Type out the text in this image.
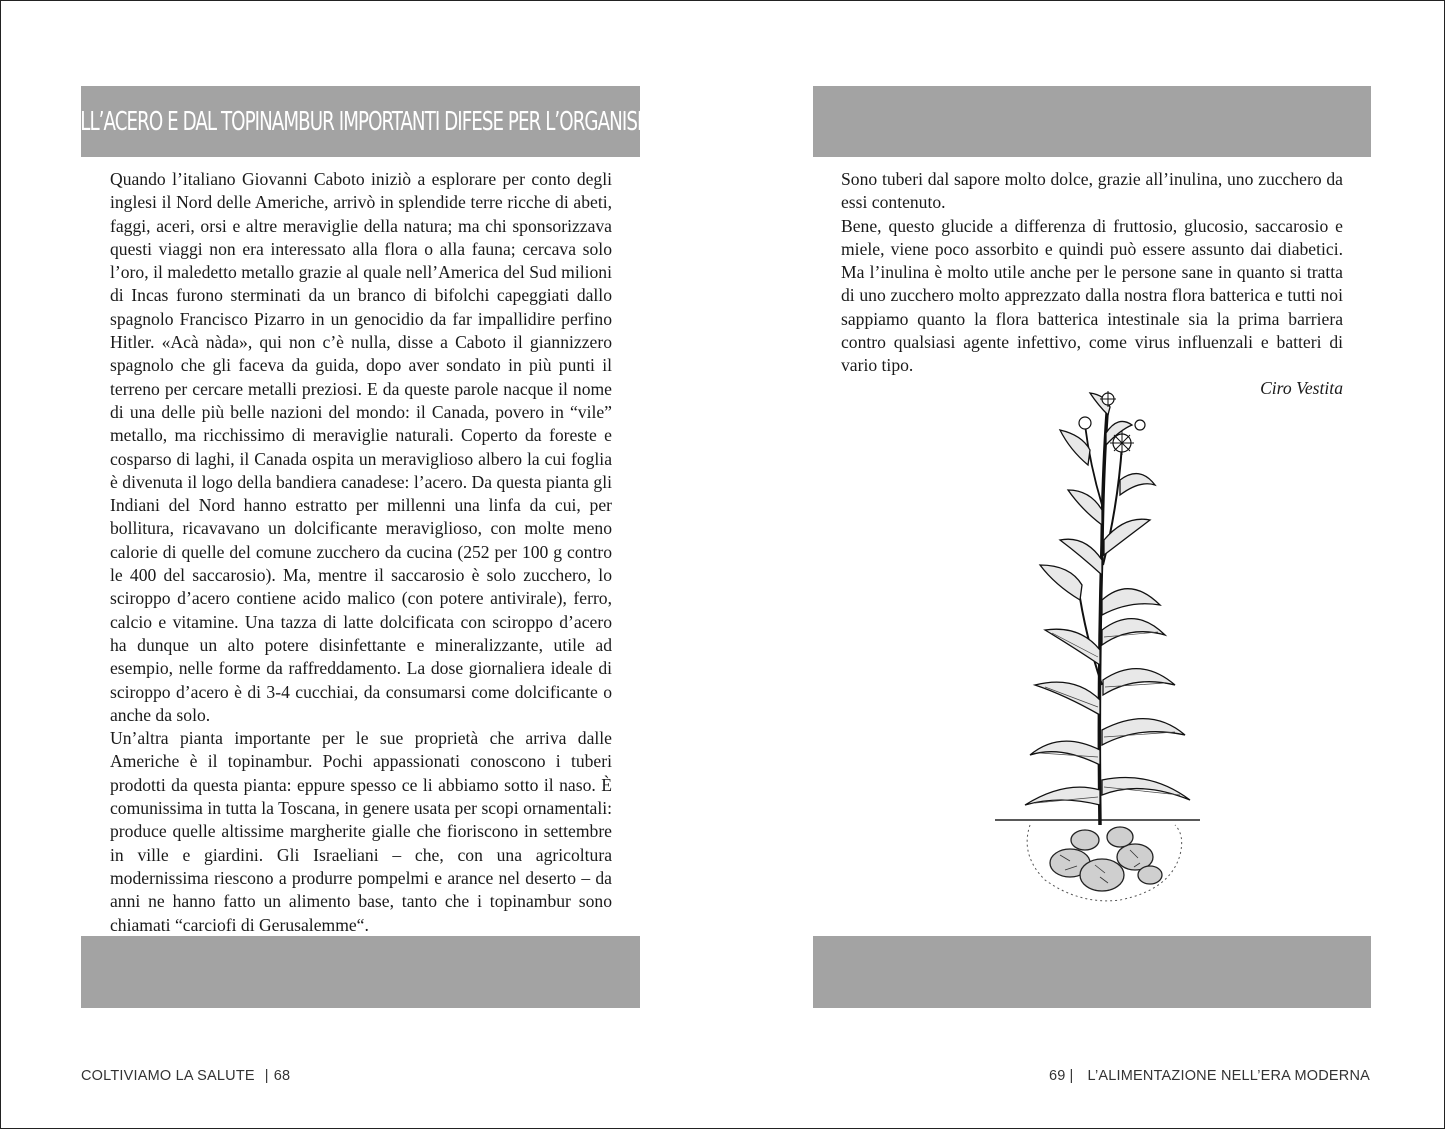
DALL’ACERO E DAL TOPINAMBUR IMPORTANTI DIFESE PER L’ORGANISMO

Quando l’italiano Giovanni Caboto iniziò a esplorare per conto degli inglesi il Nord delle Americhe, arrivò in splendide terre ricche di abeti, faggi, aceri, orsi e altre meraviglie della natura; ma chi sponsorizzava questi viaggi non era interessato alla flora o alla fauna; cercava solo l’oro, il maledetto metallo grazie al quale nell’America del Sud milioni di Incas furono sterminati da un branco di bifolchi capeggiati dallo spagnolo Francisco Pizarro in un genocidio da far impallidire perfino Hitler. «Acà nàda», qui non c’è nulla, disse a Caboto il giannizzero spagnolo che gli faceva da guida, dopo aver sondato in più punti il terreno per cercare metalli preziosi. E da queste parole nacque il nome di una delle più belle nazioni del mondo: il Canada, povero in “vile” metallo, ma ricchissimo di meraviglie naturali. Coperto da foreste e cosparso di laghi, il Canada ospita un meraviglioso albero la cui foglia è divenuta il logo della bandiera canadese: l’acero. Da questa pianta gli Indiani del Nord hanno estratto per millenni una linfa da cui, per bollitura, ricavavano un dolcificante meraviglioso, con molte meno calorie di quelle del comune zucchero da cucina (252 per 100 g contro le 400 del saccarosio). Ma, mentre il saccarosio è solo zucchero, lo sciroppo d’acero contiene acido malico (con potere antivirale), ferro, calcio e vitamine. Una tazza di latte dolcificata con sciroppo d’acero ha dunque un alto potere disinfettante e mineralizzante, utile ad esempio, nelle forme da raffreddamento. La dose giornaliera ideale di sciroppo d’acero è di 3-4 cucchiai, da consumarsi come dolcificante o anche da solo.

Un’altra pianta importante per le sue proprietà che arriva dalle Americhe è il topinambur. Pochi appassionati conoscono i tuberi prodotti da questa pianta: eppure spesso ce li abbiamo sotto il naso. È comunissima in tutta la Toscana, in genere usata per scopi ornamentali: produce quelle altissime margherite gialle che fioriscono in settembre in ville e giardini. Gli Israeliani – che, con una agricoltura modernissima riescono a produrre pompelmi e arance nel deserto – da anni ne hanno fatto un alimento base, tanto che i topinambur sono chiamati “carciofi di Gerusalemme“.

Sono tuberi dal sapore molto dolce, grazie all’inulina, uno zucchero da essi contenuto.

Bene, questo glucide a differenza di fruttosio, glucosio, saccarosio e miele, viene poco assorbito e quindi può essere assunto dai diabetici. Ma l’inulina è molto utile anche per le persone sane in quanto si tratta di uno zucchero molto apprezzato dalla nostra flora batterica e tutti noi sappiamo quanto la flora batterica intestinale sia la prima barriera contro qualsiasi agente infettivo, come virus influenzali e batteri di vario tipo.

Ciro Vestita

COLTIVIAMO LA SALUTE | 68	69 | L’ALIMENTAZIONE NELL’ERA MODERNA
